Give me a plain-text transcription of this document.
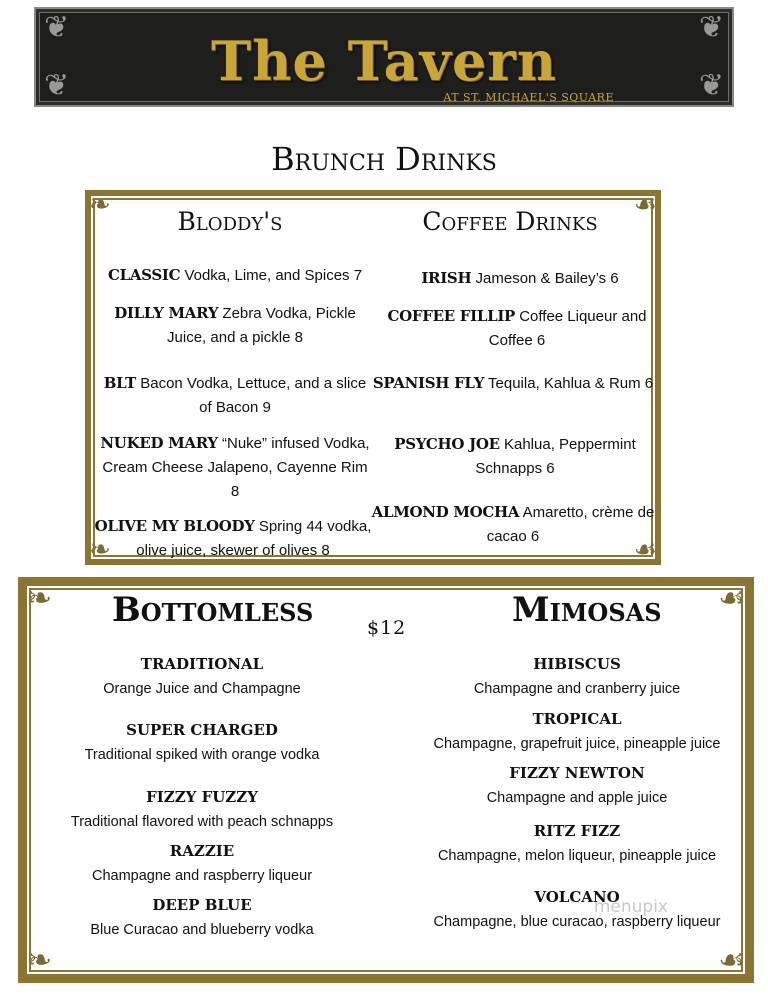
❦	❦
❦	❦
The Tavern
AT ST. MICHAEL'S SQUARE
Brunch Drinks
❧	☙
❧	☙
Bloddy's	Coffee Drinks
CLASSIC Vodka, Lime, and Spices 7
DILLY MARY Zebra Vodka, Pickle Juice, and a pickle 8
BLT Bacon Vodka, Lettuce, and a slice of Bacon 9
NUKED MARY “Nuke” infused Vodka, Cream Cheese Jalapeno, Cayenne Rim 8
OLIVE MY BLOODY Spring 44 vodka, olive juice, skewer of olives 8
IRISH Jameson & Bailey’s 6
COFFEE FILLIP Coffee Liqueur and Coffee 6
SPANISH FLY Tequila, Kahlua & Rum 6
PSYCHO JOE Kahlua, Peppermint Schnapps 6
ALMOND MOCHA Amaretto, crème de cacao 6
❧	☙
❧	☙
Bottomless	Mimosas
$12
TRADITIONAL
Orange Juice and Champagne
SUPER CHARGED
Traditional spiked with orange vodka
FIZZY FUZZY
Traditional flavored with peach schnapps
RAZZIE
Champagne and raspberry liqueur
DEEP BLUE
Blue Curacao and blueberry vodka
HIBISCUS
Champagne and cranberry juice
TROPICAL
Champagne, grapefruit juice, pineapple juice
FIZZY NEWTON
Champagne and apple juice
RITZ FIZZ
Champagne, melon liqueur, pineapple juice
VOLCANO
Champagne, blue curacao, raspberry liqueur
menupix
